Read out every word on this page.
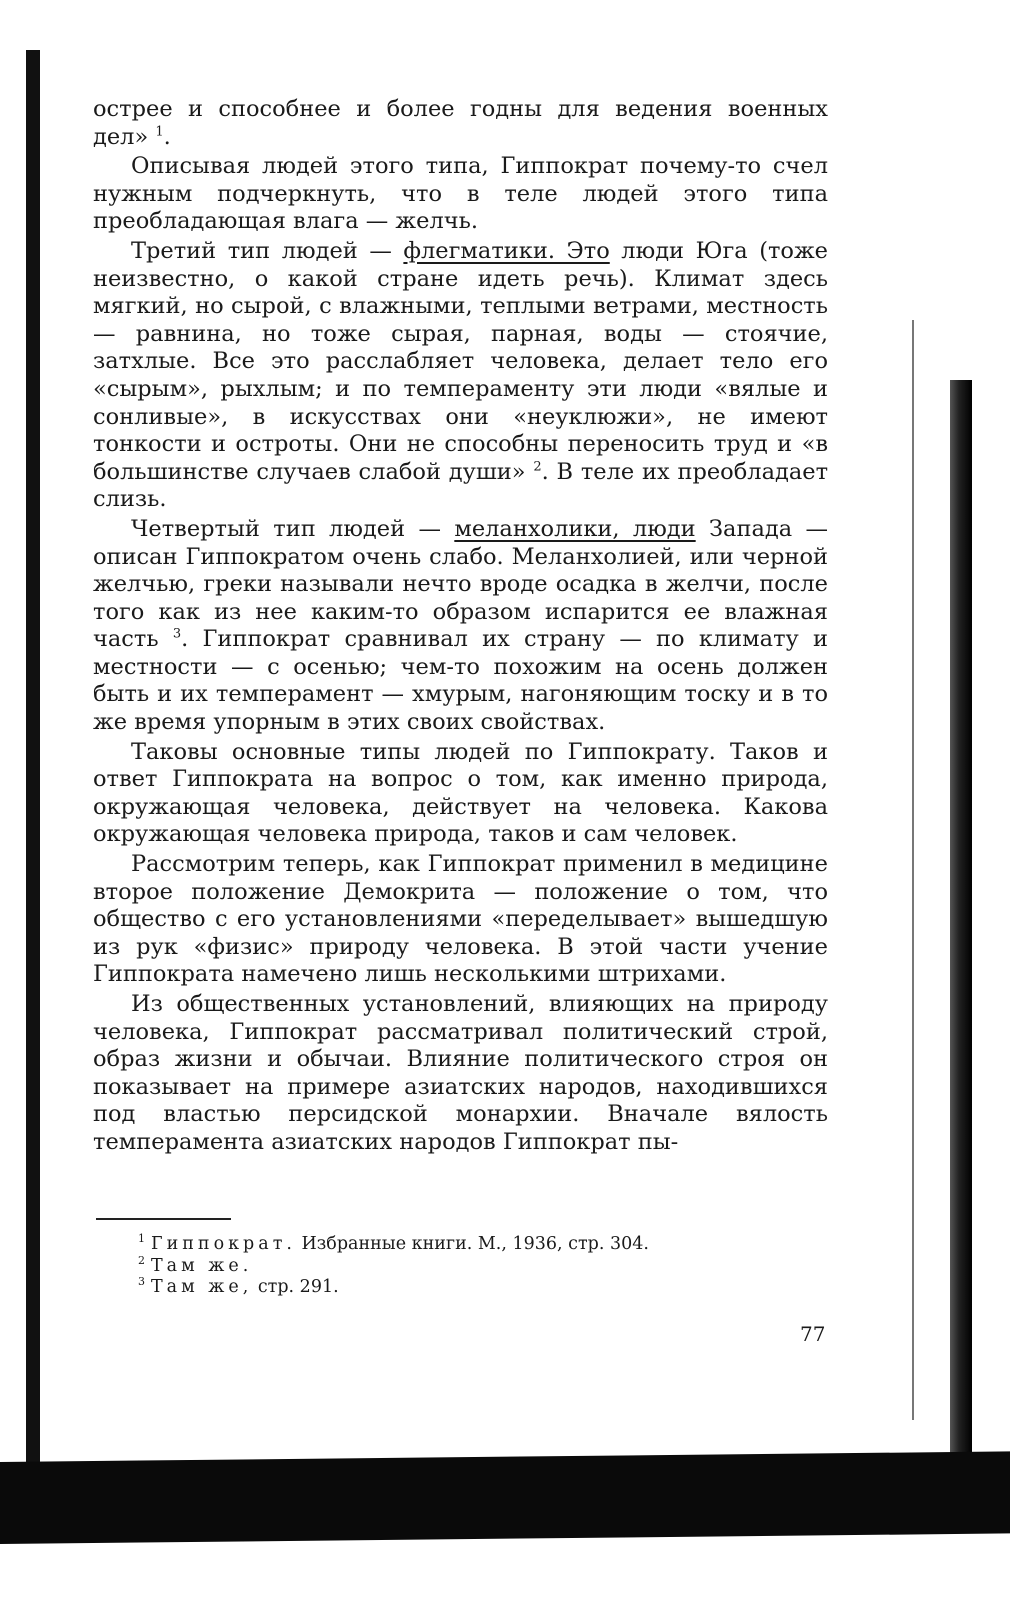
острее и способнее и более годны для ведения военных дел» $^1$.

Описывая людей этого типа, Гиппократ почему-то счел нужным подчеркнуть, что в теле людей этого типа преобладающая влага — желчь.

Третий тип людей — флегматики. Это люди Юга (тоже неизвестно, о какой стране идеть речь). Климат здесь мягкий, но сырой, с влажными, теплыми ветрами, местность — равнина, но тоже сырая, парная, воды — стоячие, затхлые. Все это расслабляет человека, делает тело его «сырым», рыхлым; и по темпераменту эти люди «вялые и сонливые», в искусствах они «неуклюжи», не имеют тонкости и остроты. Они не способны переносить труд и «в большинстве случаев слабой души» $^2$. В теле их преобладает слизь.

Четвертый тип людей — меланхолики, люди Запада — описан Гиппократом очень слабо. Меланхолией, или черной желчью, греки называли нечто вроде осадка в желчи, после того как из нее каким-то образом испарится ее влажная часть $^3$. Гиппократ сравнивал их страну — по климату и местности — с осенью; чем-то похожим на осень должен быть и их темперамент — хмурым, нагоняющим тоску и в то же время упорным в этих своих свойствах.

Таковы основные типы людей по Гиппократу. Таков и ответ Гиппократа на вопрос о том, как именно природа, окружающая человека, действует на человека. Какова окружающая человека природа, таков и сам человек.

Рассмотрим теперь, как Гиппократ применил в медицине второе положение Демокрита — положение о том, что общество с его установлениями «переделывает» вышедшую из рук «физис» природу человека. В этой части учение Гиппократа намечено лишь несколькими штрихами.

Из общественных установлений, влияющих на природу человека, Гиппократ рассматривал политический строй, образ жизни и обычаи. Влияние политического строя он показывает на примере азиатских народов, находившихся под властью персидской монархии. Вначале вялость темперамента азиатских народов Гиппократ пы-

$^1$ Гиппократ. Избранные книги. М., 1936, стр. 304.
$^2$ Там же.
$^3$ Там же, стр. 291.
77
